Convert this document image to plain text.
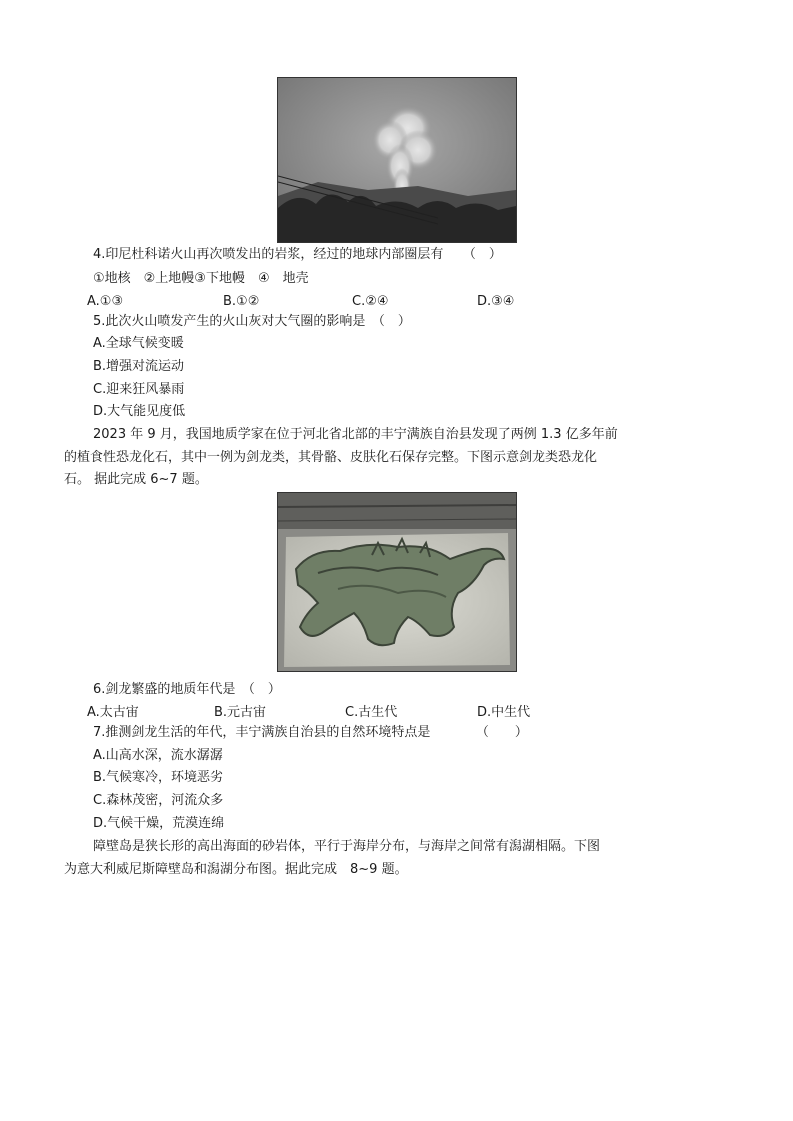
4.印尼杜科诺火山再次喷发出的岩浆，经过的地球内部圈层有　　（　）
①地核　②上地幔③下地幔　④　地壳
A.①③	B.①②	C.②④	D.③④
5.此次火山喷发产生的火山灰对大气圈的影响是　（　）
A.全球气候变暖
B.增强对流运动
C.迎来狂风暴雨
D.大气能见度低
2023 年 9 月，我国地质学家在位于河北省北部的丰宁满族自治县发现了两例 1.3 亿多年前
的植食性恐龙化石，其中一例为剑龙类，其骨骼、皮肤化石保存完整。下图示意剑龙类恐龙化
石。 据此完成 6~7 题。
6.剑龙繁盛的地质年代是　（　）
A.太古宙	B.元古宙	C.古生代	D.中生代
7.推测剑龙生活的年代，丰宁满族自治县的自然环境特点是　　　　（　　）
A.山高水深，流水潺潺
B.气候寒冷，环境恶劣
C.森林茂密，河流众多
D.气候干燥，荒漠连绵
障壁岛是狭长形的高出海面的砂岩体，平行于海岸分布，与海岸之间常有潟湖相隔。下图
为意大利威尼斯障壁岛和潟湖分布图。据此完成　8~9 题。
